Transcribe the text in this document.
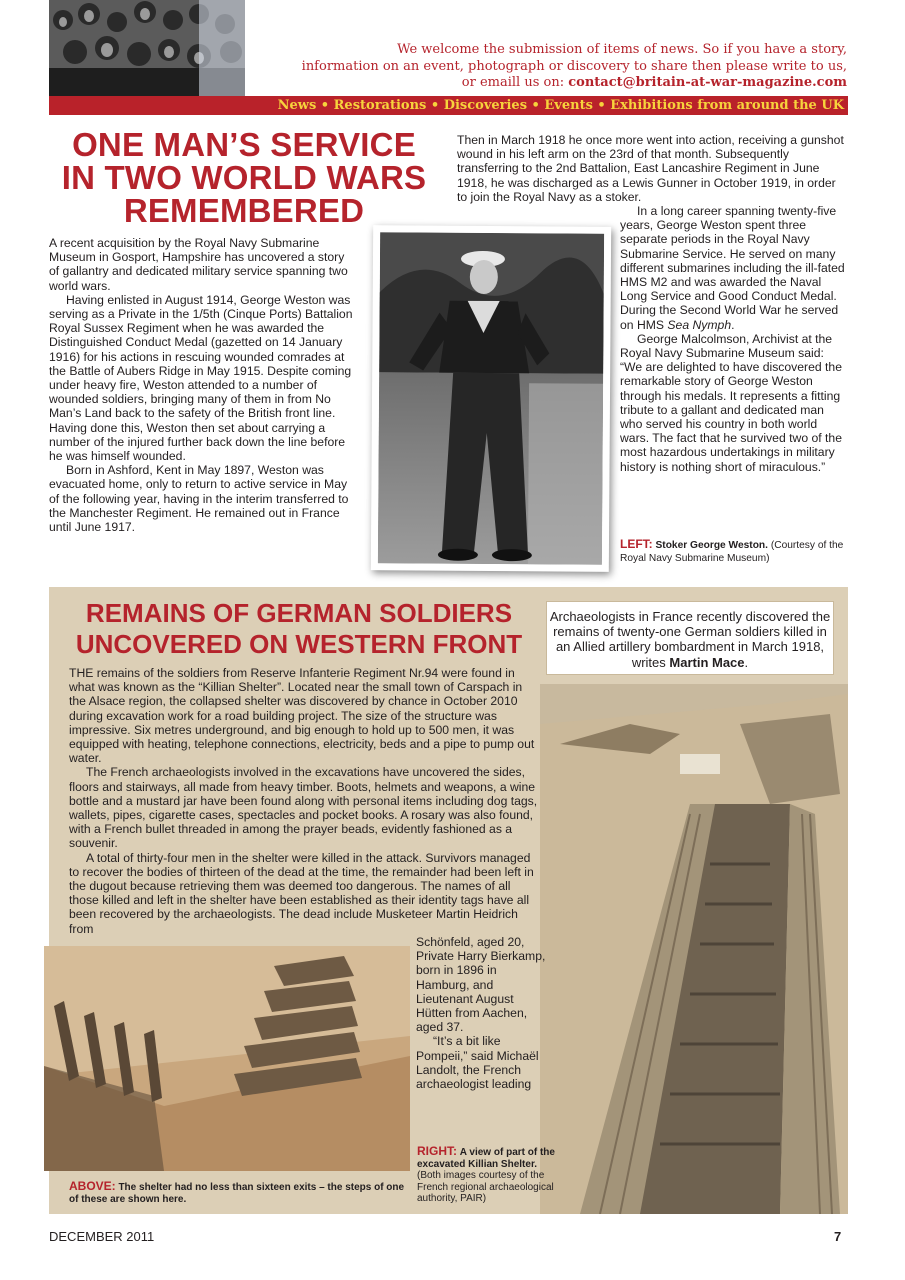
We welcome the submission of items of news. So if you have a story,
information on an event, photograph or discovery to share then please write to us,
or emaill us on: contact@britain-at-war-magazine.com
News • Restorations • Discoveries • Events • Exhibitions from around the UK
ONE MAN’S SERVICE
IN TWO WORLD WARS
REMEMBERED

A recent acquisition by the Royal Navy Submarine Museum in Gosport, Hampshire has uncovered a story of gallantry and dedicated military service spanning two world wars.

Having enlisted in August 1914, George Weston was serving as a Private in the 1/5th (Cinque Ports) Battalion Royal Sussex Regiment when he was awarded the Distinguished Conduct Medal (gazetted on 14 January 1916) for his actions in rescuing wounded comrades at the Battle of Aubers Ridge in May 1915. Despite coming under heavy fire, Weston attended to a number of wounded soldiers, bringing many of them in from No Man’s Land back to the safety of the British front line. Having done this, Weston then set about carrying a number of the injured further back down the line before he was himself wounded.

Born in Ashford, Kent in May 1897, Weston was evacuated home, only to return to active service in May of the following year, having in the interim transferred to the Manchester Regiment. He remained out in France until June 1917.

Then in March 1918 he once more went into action, receiving a gunshot wound in his left arm on the 23rd of that month. Subsequently transferring to the 2nd Battalion, East Lancashire Regiment in June 1918, he was discharged as a Lewis Gunner in October 1919, in order to join the Royal Navy as a stoker.

In a long career spanning twenty-five years, George Weston spent three separate periods in the Royal Navy Submarine Service. He served on many different submarines including the ill-fated HMS M2 and was awarded the Naval Long Service and Good Conduct Medal. During the Second World War he served on HMS Sea Nymph.

George Malcolmson, Archivist at the Royal Navy Submarine Museum said: “We are delighted to have discovered the remarkable story of George Weston through his medals. It represents a fitting tribute to a gallant and dedicated man who served his country in both world wars. The fact that he survived two of the most hazardous undertakings in military history is nothing short of miraculous.”

LEFT: Stoker George Weston. (Courtesy of the Royal Navy Submarine Museum)
REMAINS OF GERMAN SOLDIERS
UNCOVERED ON WESTERN FRONT
Archaeologists in France recently discovered the remains of twenty-one German soldiers killed in an Allied artillery bombardment in March 1918, writes Martin Mace.

THE remains of the soldiers from Reserve Infanterie Regiment Nr.94 were found in what was known as the “Killian Shelter”. Located near the small town of Carspach in the Alsace region, the collapsed shelter was discovered by chance in October 2010 during excavation work for a road building project. The size of the structure was impressive. Six metres underground, and big enough to hold up to 500 men, it was equipped with heating, telephone connections, electricity, beds and a pipe to pump out water.

The French archaeologists involved in the excavations have uncovered the sides, floors and stairways, all made from heavy timber. Boots, helmets and weapons, a wine bottle and a mustard jar have been found along with personal items including dog tags, wallets, pipes, cigarette cases, spectacles and pocket books. A rosary was also found, with a French bullet threaded in among the prayer beads, evidently fashioned as a souvenir.

A total of thirty-four men in the shelter were killed in the attack. Survivors managed to recover the bodies of thirteen of the dead at the time, the remainder had been left in the dugout because retrieving them was deemed too dangerous. The names of all those killed and left in the shelter have been established as their identity tags have all been recovered by the archaeologists. The dead include Musketeer Martin Heidrich from

Schönfeld, aged 20, Private Harry Bierkamp, born in 1896 in Hamburg, and Lieutenant August Hütten from Aachen, aged 37.

“It’s a bit like Pompeii,” said Michaël Landolt, the French archaeologist leading

RIGHT: A view of part of the excavated Killian Shelter. (Both images courtesy of the French regional archaeological authority, PAIR)
ABOVE: The shelter had no less than sixteen exits – the steps of one of these are shown here.
DECEMBER 2011	7
